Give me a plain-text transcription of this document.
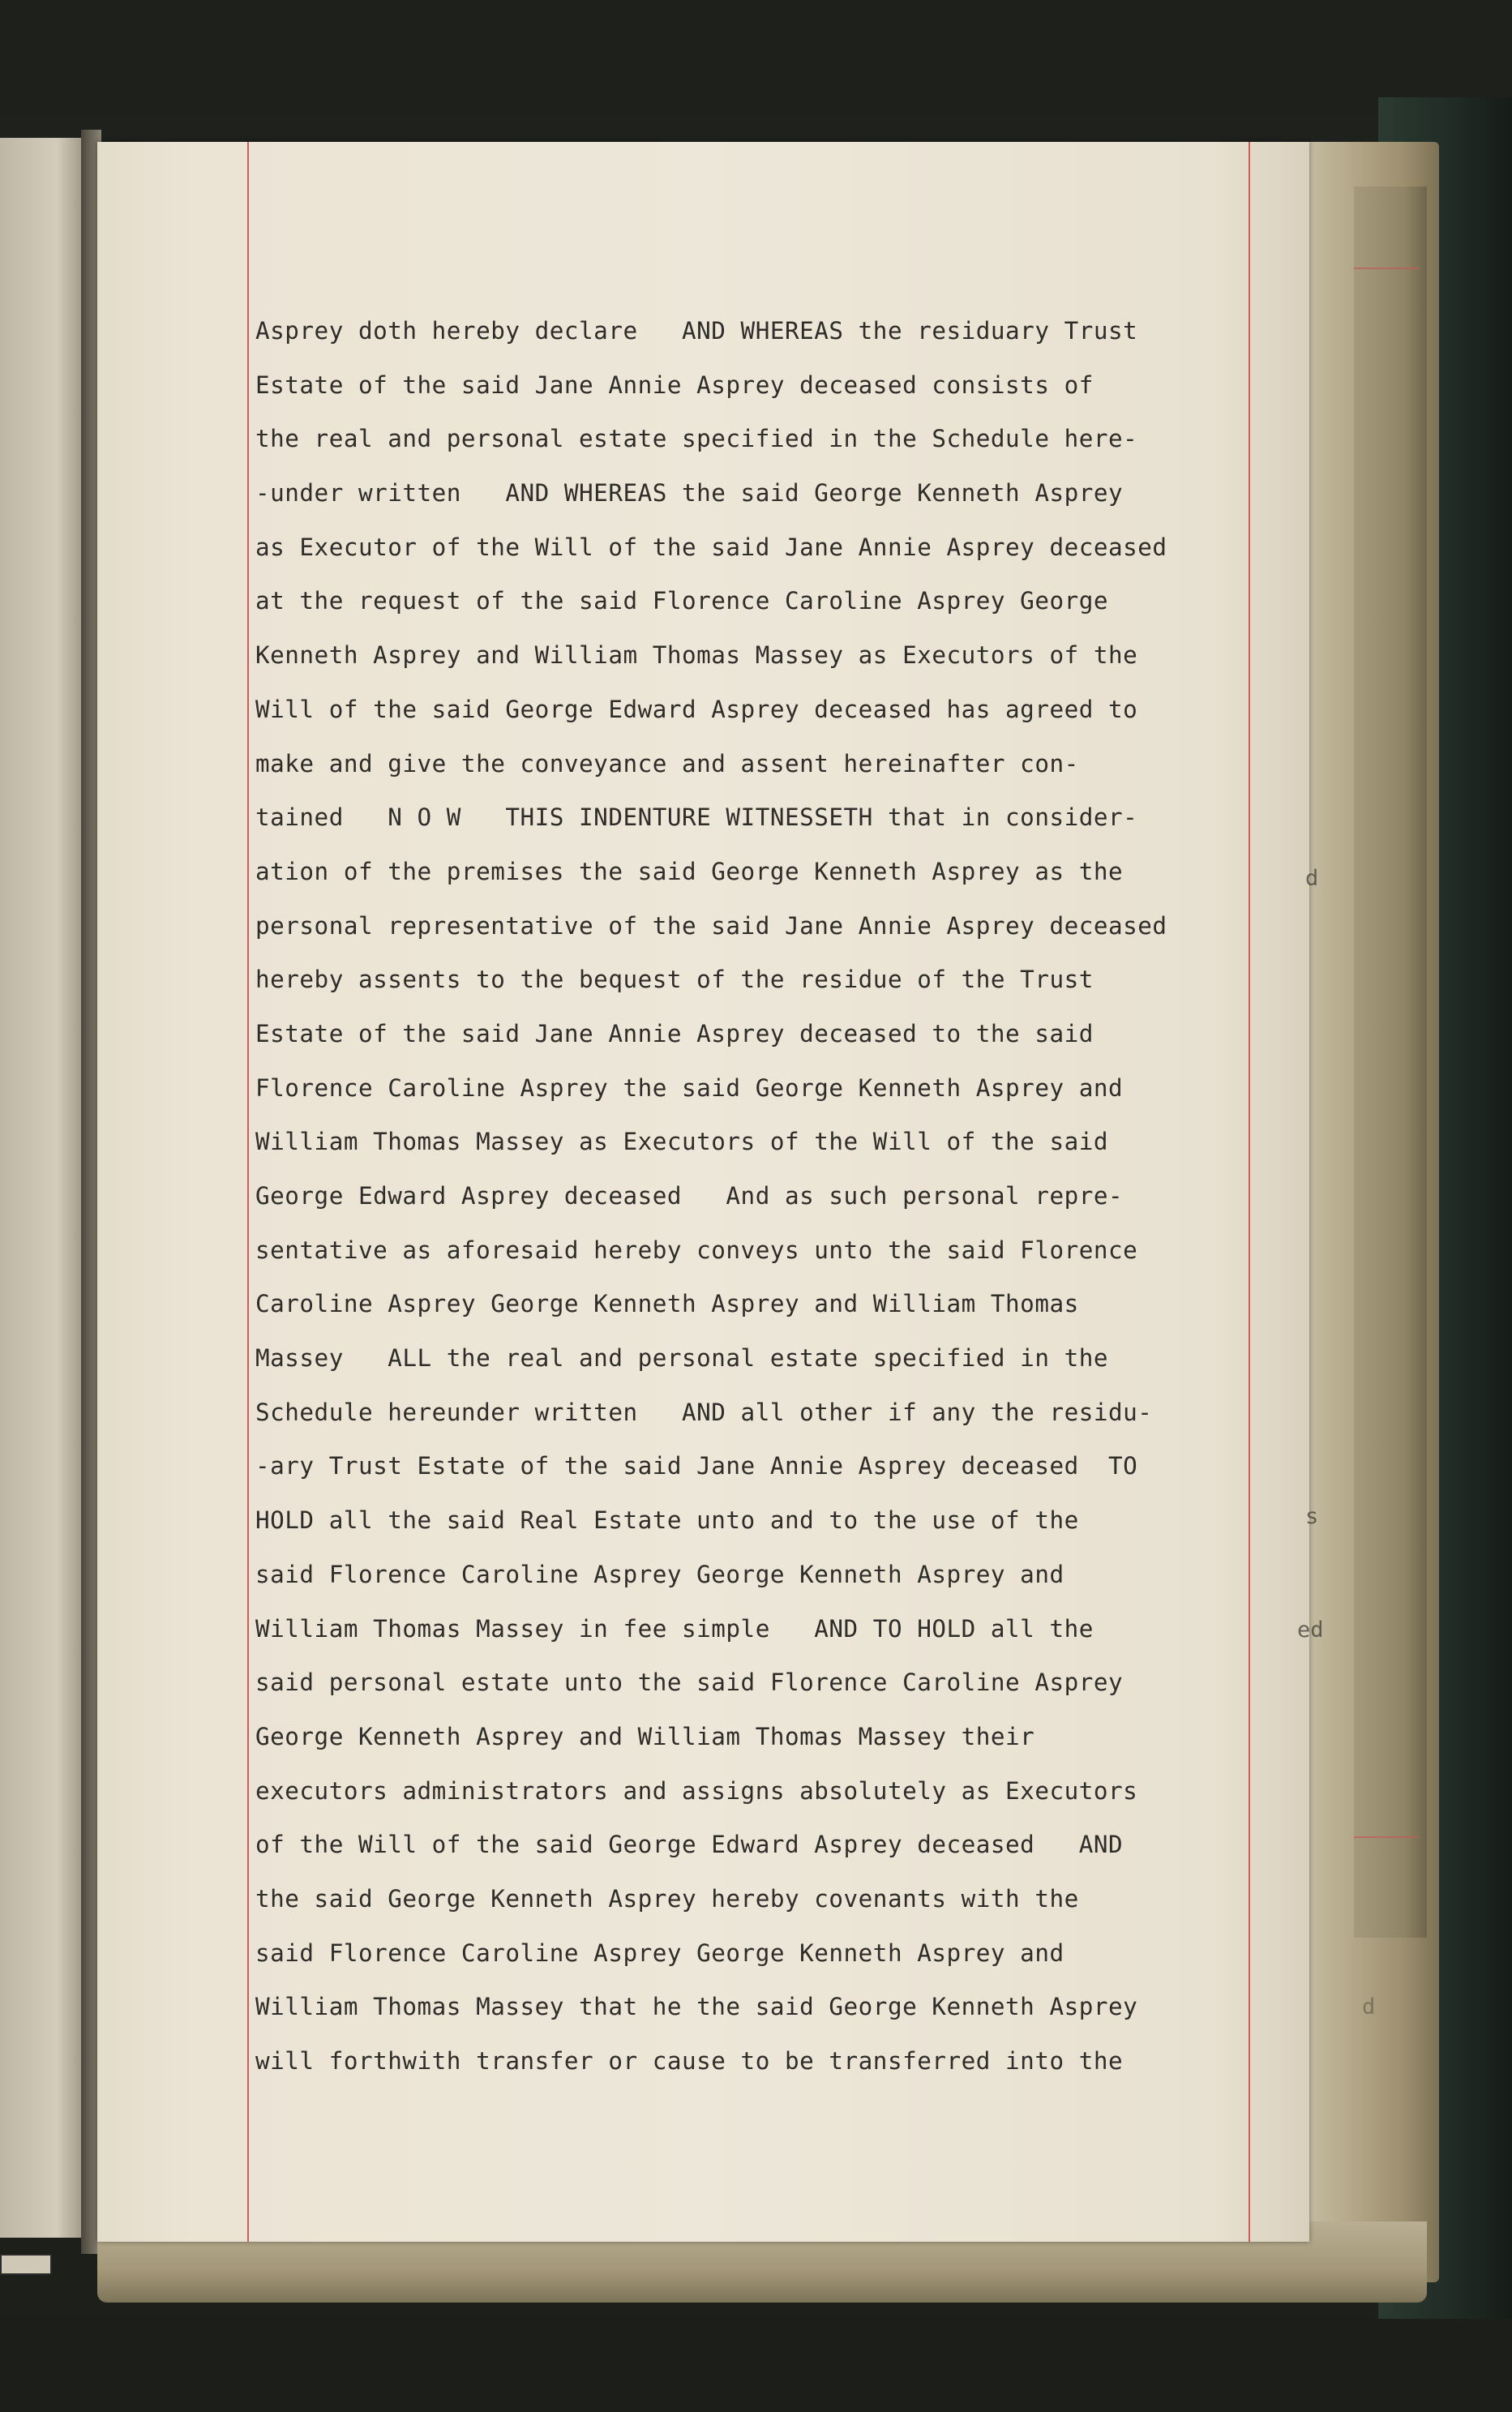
Asprey doth hereby declare   AND WHEREAS the residuary Trust
Estate of the said Jane Annie Asprey deceased consists of
the real and personal estate specified in the Schedule here-
-under written   AND WHEREAS the said George Kenneth Asprey
as Executor of the Will of the said Jane Annie Asprey deceased
at the request of the said Florence Caroline Asprey George
Kenneth Asprey and William Thomas Massey as Executors of the
Will of the said George Edward Asprey deceased has agreed to
make and give the conveyance and assent hereinafter con-
tained   N O W   THIS INDENTURE WITNESSETH that in consider-
ation of the premises the said George Kenneth Asprey as the
personal representative of the said Jane Annie Asprey deceased
hereby assents to the bequest of the residue of the Trust
Estate of the said Jane Annie Asprey deceased to the said
Florence Caroline Asprey the said George Kenneth Asprey and
William Thomas Massey as Executors of the Will of the said
George Edward Asprey deceased   And as such personal repre-
sentative as aforesaid hereby conveys unto the said Florence
Caroline Asprey George Kenneth Asprey and William Thomas
Massey   ALL the real and personal estate specified in the
Schedule hereunder written   AND all other if any the residu-
-ary Trust Estate of the said Jane Annie Asprey deceased  TO
HOLD all the said Real Estate unto and to the use of the
said Florence Caroline Asprey George Kenneth Asprey and
William Thomas Massey in fee simple   AND TO HOLD all the
said personal estate unto the said Florence Caroline Asprey
George Kenneth Asprey and William Thomas Massey their
executors administrators and assigns absolutely as Executors
of the Will of the said George Edward Asprey deceased   AND
the said George Kenneth Asprey hereby covenants with the
said Florence Caroline Asprey George Kenneth Asprey and
William Thomas Massey that he the said George Kenneth Asprey
will forthwith transfer or cause to be transferred into the
d
s
ed
d
